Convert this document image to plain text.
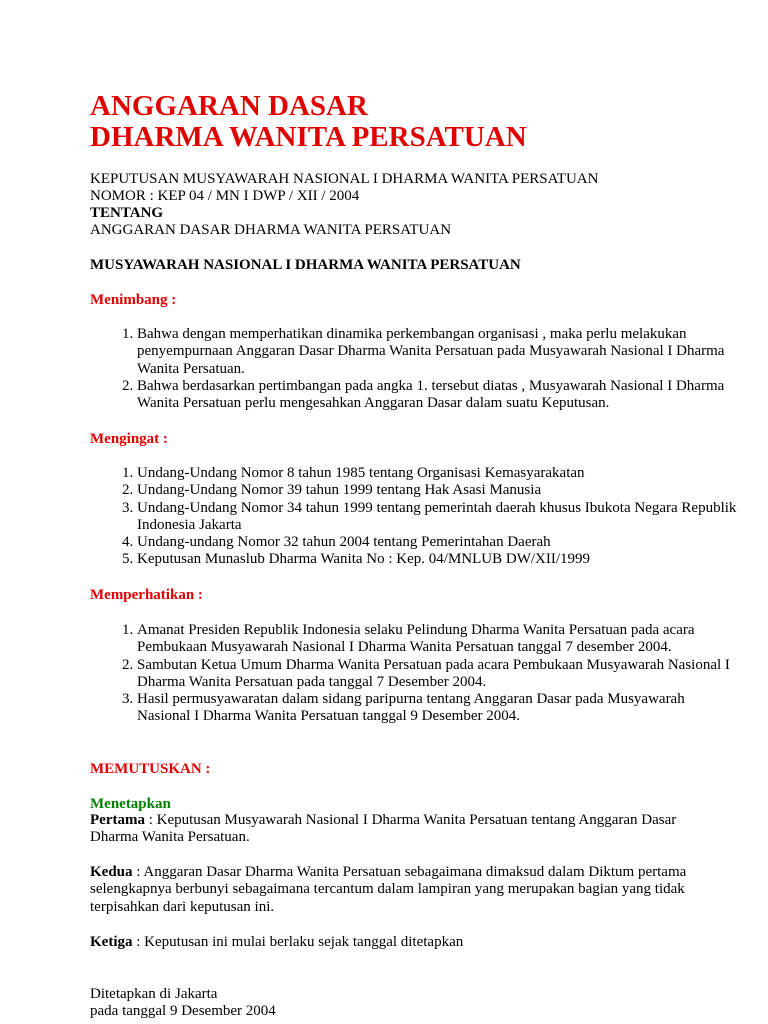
ANGGARAN DASAR
DHARMA WANITA PERSATUAN
KEPUTUSAN MUSYAWARAH NASIONAL I DHARMA WANITA PERSATUAN
NOMOR : KEP 04 / MN I DWP / XII / 2004
TENTANG
ANGGARAN DASAR DHARMA WANITA PERSATUAN
MUSYAWARAH NASIONAL I DHARMA WANITA PERSATUAN
Menimbang :
1. Bahwa dengan memperhatikan dinamika perkembangan organisasi , maka perlu melakukan penyempurnaan Anggaran Dasar Dharma Wanita Persatuan pada Musyawarah Nasional I Dharma Wanita Persatuan.
2. Bahwa berdasarkan pertimbangan pada angka 1. tersebut diatas , Musyawarah Nasional I Dharma Wanita Persatuan perlu mengesahkan Anggaran Dasar dalam suatu Keputusan.
Mengingat :
1. Undang-Undang Nomor 8 tahun 1985 tentang Organisasi Kemasyarakatan
2. Undang-Undang Nomor 39 tahun 1999 tentang Hak Asasi Manusia
3. Undang-Undang Nomor 34 tahun 1999 tentang pemerintah daerah khusus Ibukota Negara Republik Indonesia Jakarta
4. Undang-undang Nomor 32 tahun 2004 tentang Pemerintahan Daerah
5. Keputusan Munaslub Dharma Wanita No : Kep. 04/MNLUB DW/XII/1999
Memperhatikan :
1. Amanat Presiden Republik Indonesia selaku Pelindung Dharma Wanita Persatuan pada acara Pembukaan Musyawarah Nasional I Dharma Wanita Persatuan tanggal 7 desember 2004.
2. Sambutan Ketua Umum Dharma Wanita Persatuan pada acara Pembukaan Musyawarah Nasional I Dharma Wanita Persatuan pada tanggal 7 Desember 2004.
3. Hasil permusyawaratan dalam sidang paripurna tentang Anggaran Dasar pada Musyawarah Nasional I Dharma Wanita Persatuan tanggal 9 Desember 2004.
MEMUTUSKAN :
Menetapkan
Pertama : Keputusan Musyawarah Nasional I Dharma Wanita Persatuan tentang Anggaran Dasar Dharma Wanita Persatuan.
Kedua : Anggaran Dasar Dharma Wanita Persatuan sebagaimana dimaksud dalam Diktum pertama selengkapnya berbunyi sebagaimana tercantum dalam lampiran yang merupakan bagian yang tidak terpisahkan dari keputusan ini.
Ketiga : Keputusan ini mulai berlaku sejak tanggal ditetapkan
Ditetapkan di Jakarta
pada tanggal 9 Desember 2004
